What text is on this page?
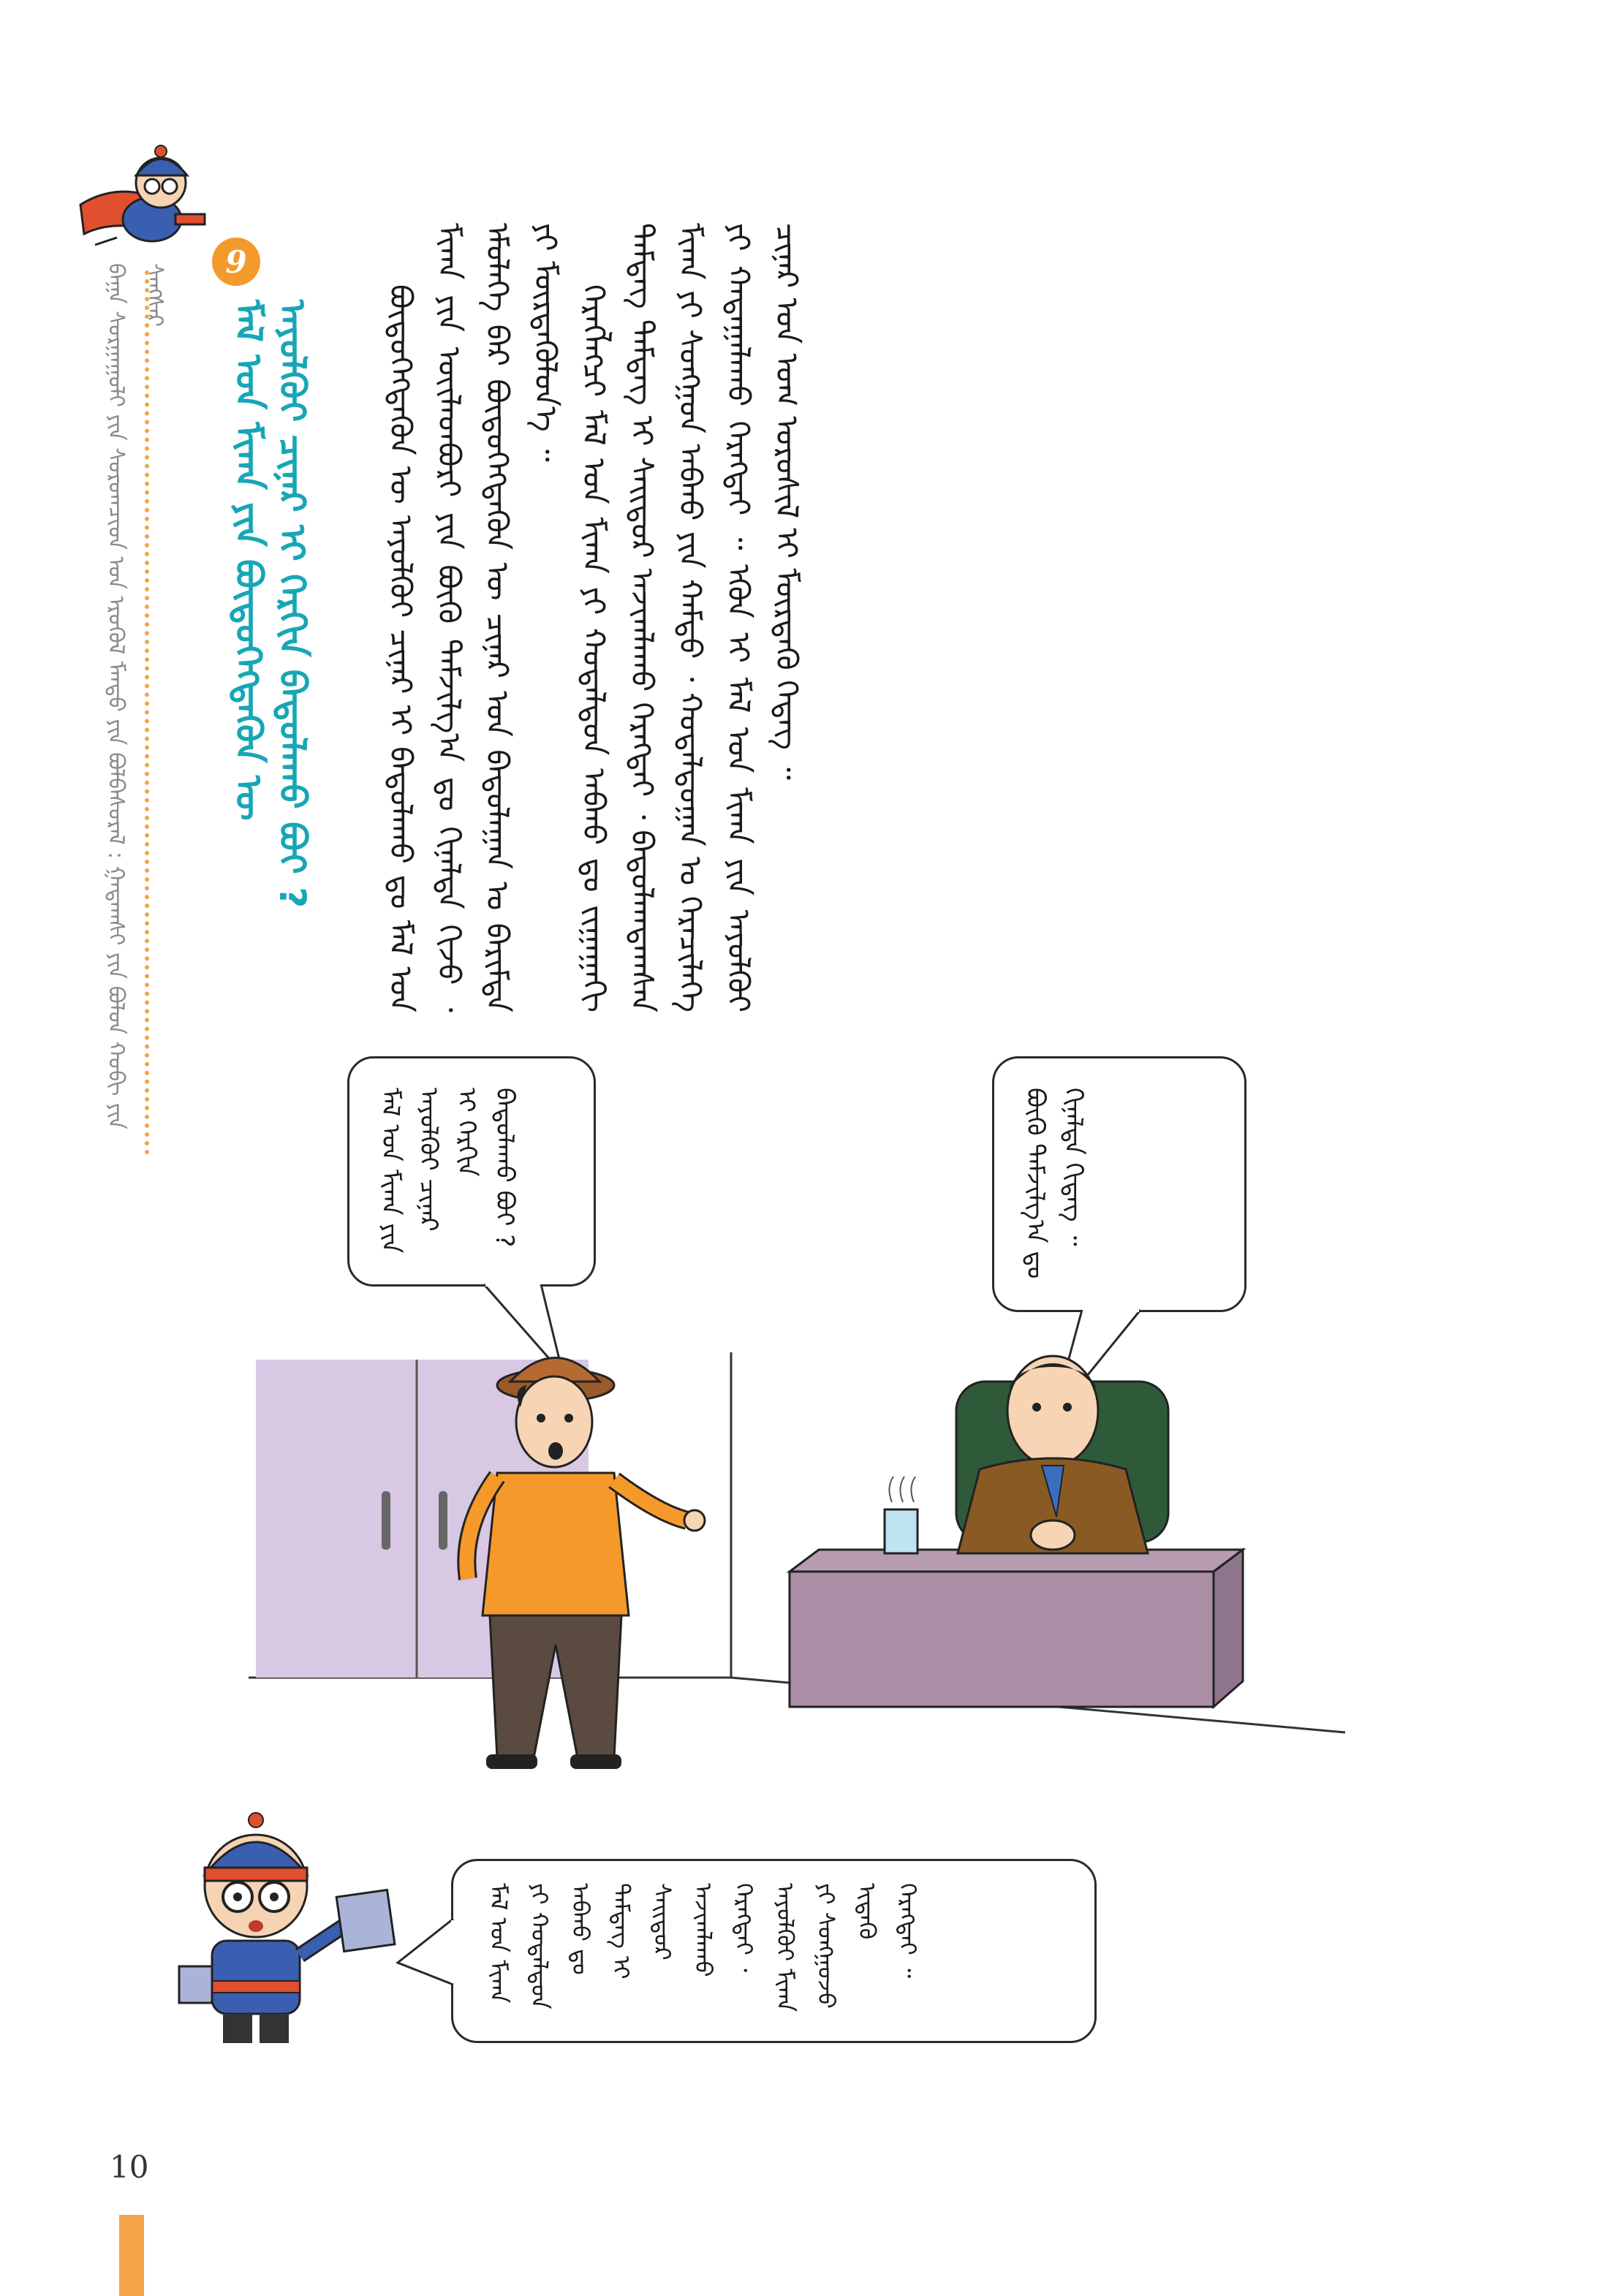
ᠪᠠᠭᠠ ᠰᠤᠷᠭᠠᠭᠤᠯᠢ ᠶᠢᠨ ᠰᠤᠷᠤᠭᠴᠢᠳ ᠤᠨ ᠡᠷᠦᠭᠦᠯ ᠮᠡᠨᠳᠦ ᠶᠢᠨ ᠪᠣᠯᠪᠠᠰᠤᠷᠠᠯ : ᠭᠠᠳᠠᠭᠰᠢ ᠶᠢᠨ ᠪᠣᠯᠣᠨ ᠬᠣᠪᠢ ᠶᠢᠨ ᠰᠠᠩᠰᠠᠷ
9
ᠮᠠᠯ ᠤᠨ ᠮᠢᠬᠠ ᠶᠢᠨ ᠪᠦᠲᠦᠭᠡᠭᠳᠡᠬᠦᠨ ᠦ ᠠᠶᠤᠯᠭᠦᠢ ᠴᠢᠨᠠᠷ ᠢ ᠬᠡᠷᠬᠢᠨ ᠪᠠᠲᠤᠯᠠᠬᠤ ᠪᠤᠢ ? ᠪᠦᠲᠦᠭᠡᠭᠳᠡᠬᠦᠨ ᠦ ᠠᠶᠤᠯᠭᠦᠢ ᠴᠢᠨᠠᠷ ᠢ ᠪᠠᠲᠤᠯᠠᠬᠤ ᠳᠤ ᠮᠠᠯ ᠤᠨ ᠮᠢᠬᠠ ᠶᠢᠨ ᠦᠢᠯᠡᠳᠪᠦᠷᠢ ᠶᠢᠨ ᠪᠦᠬᠦ ᠳᠠᠮᠵᠢᠯᠭ᠎ᠠ ᠳᠤ ᠬᠢᠨᠠᠯᠲᠠ ᠬᠢᠵᠦ ᠂ ᠡᠮᠦᠯᠡᠭᠡ ᠪᠠᠷ ᠪᠦᠲᠦᠭᠡᠭᠳᠡᠬᠦᠨ ᠦ ᠴᠢᠨᠠᠷ ᠤᠨ ᠪᠠᠲᠤᠯᠠᠭᠠᠨ ᠤ ᠪᠠᠷᠢᠮᠲᠠ ᠶᠢ ᠮᠦᠷᠳᠡᠭᠦᠯᠦᠨ᠎ᠡ ᠃ ᠬᠡᠷᠡᠭᠯᠡᠭᠴᠢ ᠮᠠᠯ ᠤᠨ ᠮᠢᠬᠠ ᠶᠢ ᠬᠤᠳᠠᠯᠳᠤᠨ ᠠᠪᠬᠤ ᠳᠤ ᠵᠢᠭᠠᠭᠠᠬᠢ ᠳᠡᠮᠳᠡᠭ ᠲᠡᠮᠳᠡᠭ ᠢ ᠰᠠᠢᠲᠤᠷ ᠠᠵᠢᠭᠯᠠᠬᠤ ᠬᠡᠷᠡᠭᠲᠡᠢ ᠂ ᠪᠠᠲᠤᠯᠠᠭᠳᠠᠭᠰᠠᠨ ᠮᠢᠬᠠ ᠶᠢ ᠰᠣᠩᠭᠤᠨ ᠠᠪᠬᠤ ᠶᠢᠨ ᠬᠠᠮᠲᠤ ᠂ ᠬᠤᠳᠠᠯᠳᠤᠭᠠᠨ ᠤ ᠭᠡᠷᠡᠴᠢᠯᠡᠭᠡ ᠶᠢ ᠬᠠᠳᠠᠭᠠᠯᠠᠬᠤ ᠬᠡᠷᠡᠭᠲᠡᠢ ᠃ ᠡᠭᠦᠨ ᠢ ᠮᠠᠯ ᠤᠨ ᠮᠢᠬᠠ ᠶᠢᠨ ᠠᠶᠤᠯᠭᠦᠢ ᠴᠢᠨᠠᠷ ᠤᠨ ᠤᠭ ᠤᠷᠤᠰᠢᠯ ᠢ ᠮᠥᠷᠳᠡᠬᠦ ᠭᠡᠳᠡᠭ ᠃

ᠮᠠᠯ ᠤᠨ ᠮᠢᠬᠠ ᠶᠢᠨ ᠠᠶᠤᠯᠭᠦᠢ ᠴᠢᠨᠠᠷ ᠢ ᠬᠡᠷᠬᠢᠨ ᠪᠠᠲᠤᠯᠠᠬᠤ ᠪᠤᠢ ?	ᠪᠦᠬᠦ ᠳᠠᠮᠵᠢᠯᠭ᠎ᠠ ᠳᠤ ᠬᠢᠨᠠᠯᠲᠠ ᠬᠢᠳᠡᠭ ᠃
ᠮᠠᠯ ᠤᠨ ᠮᠢᠬᠠ ᠶᠢ ᠬᠤᠳᠠᠯᠳᠤᠨ ᠠᠪᠬᠤ ᠳᠤ ᠲᠡᠮᠳᠡᠭ ᠢ ᠰᠠᠢᠲᠤᠷ ᠠᠵᠢᠭᠯᠠᠬᠤ ᠬᠡᠷᠡᠭᠲᠡᠢ ᠂ ᠠᠶᠤᠯᠭᠦᠢ ᠮᠢᠬᠠ ᠶᠢ ᠰᠣᠩᠭᠤᠵᠤ ᠢᠳᠡᠬᠦ ᠬᠡᠷᠡᠭᠲᠡᠢ ᠃
10
